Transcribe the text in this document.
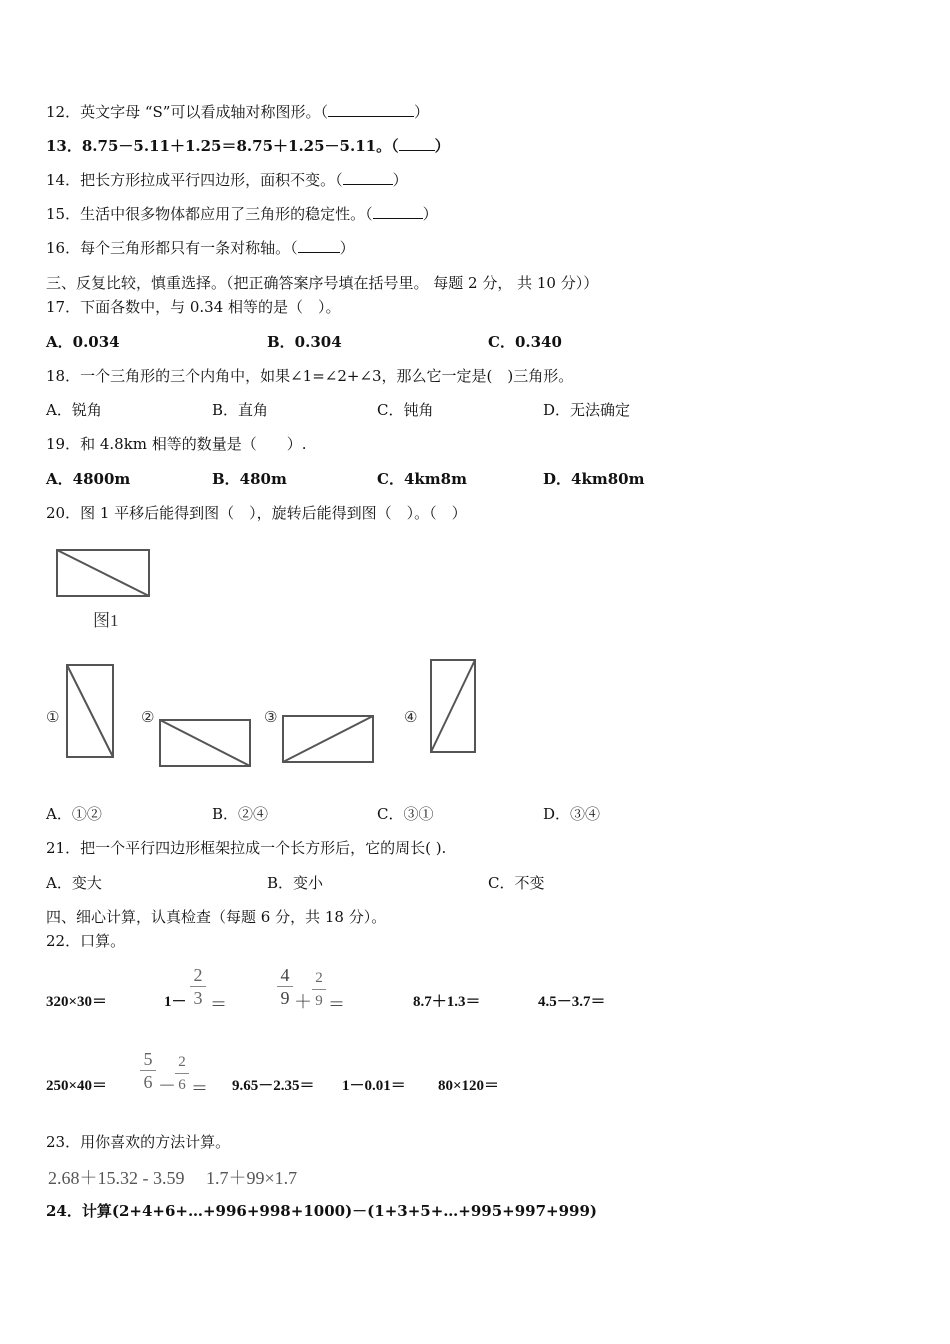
12．英文字母 “S”可以看成轴对称图形。（	）
13．8.75－5.11＋1.25＝8.75＋1.25－5.11。（ ）
14．把长方形拉成平行四边形，面积不变。（	）
15．生活中很多物体都应用了三角形的稳定性。（	）
16．每个三角形都只有一条对称轴。（	）
三、反复比较，慎重选择。（把正确答案序号填在括号里。 每题 2 分， 共 10 分））
17．下面各数中，与 0.34 相等的是（　）。
A．0.034	B．0.304	C．0.340
18．一个三角形的三个内角中，如果∠1=∠2+∠3，那么它一定是(　)三角形。
A．锐角	B．直角	C．钝角	D．无法确定
19．和 4.8km 相等的数量是（　　）.
A．4800m	B．480m	C．4km8m	D．4km80m
20．图 1 平移后能得到图（　），旋转后能得到图（　）。（　）
图1
①	②	③	④
A．①②	B．②④	C．③①	D．③④
21．把一个平行四边形框架拉成一个长方形后，它的周长( ).
A．变大	B．变小	C．不变
四、细心计算，认真检查（每题 6 分，共 18 分）。
22．口算。
320×30＝	1－
2
3 ＝
4
9 ＋
2
9 ＝	8.7＋1.3＝	4.5－3.7＝
250×40＝
5
6 －
2
6 ＝ 9.65－2.35＝ 1－0.01＝ 80×120＝
23．用你喜欢的方法计算。
2.68＋15.32 - 3.59 1.7＋99×1.7
24．计算(2+4+6+…+996+998+1000)－(1+3+5+…+995+997+999)
